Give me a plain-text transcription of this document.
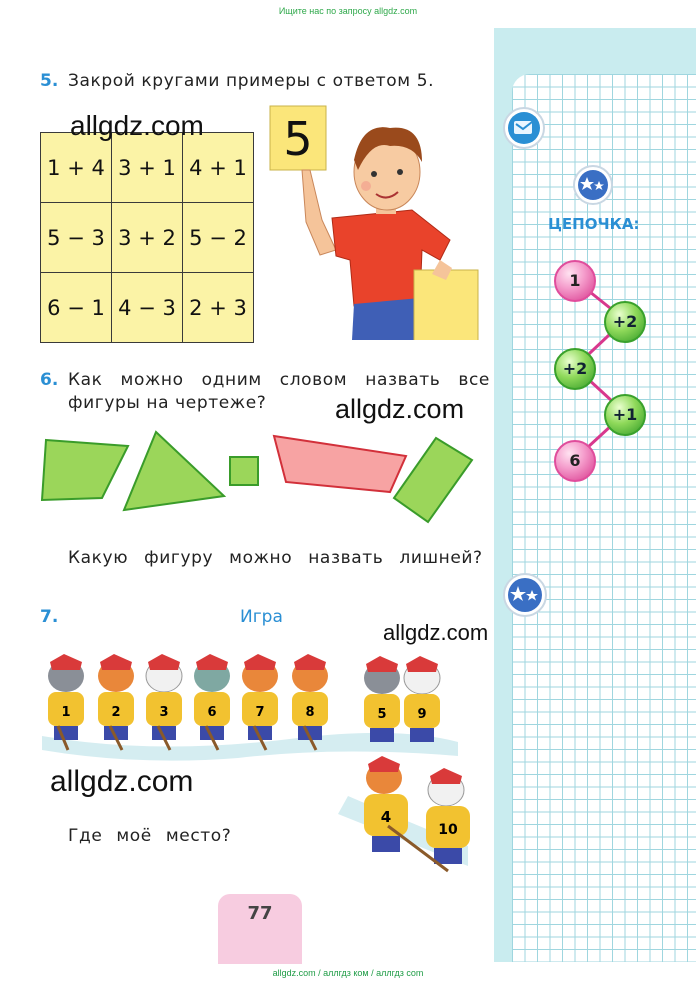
Ищите нас по запросу allgdz.com
ЦЕПОЧКА:
1
+2
+2
+1
6
5. Закрой кругами примеры с ответом 5.
1 + 4	3 + 1	4 + 1
5 − 3	3 + 2	5 − 2
6 − 1	4 − 3	2 + 3
allgdz.com 5
6. Как можно одним словом назвать все
фигуры на чертеже?	allgdz.com
Какую фигуру можно назвать лишней?
7.	Игра
allgdz.com
1	2	3	6	7	8	5 9
4
10
allgdz.com
Где моё место?
77
allgdz.com / аллгдз ком / аллгдз com
